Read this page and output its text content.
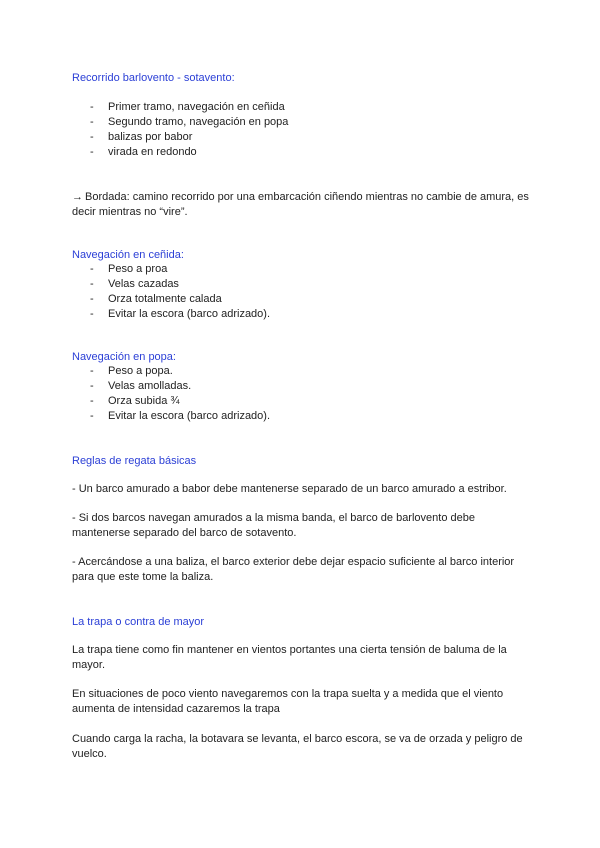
Recorrido barlovento - sotavento:
- Primer tramo, navegación en ceñida
- Segundo tramo, navegación en popa
- balizas por babor
- virada en redondo

→ Bordada: camino recorrido por una embarcación ciñendo mientras no cambie de amura, es decir mientras no “vire”.

Navegación en ceñida:
- Peso a proa
- Velas cazadas
- Orza totalmente calada
- Evitar la escora (barco adrizado).
Navegación en popa:
- Peso a popa.
- Velas amolladas.
- Orza subida ¾
- Evitar la escora (barco adrizado).
Reglas de regata básicas

- Un barco amurado a babor debe mantenerse separado de un barco amurado a estribor.

- Si dos barcos navegan amurados a la misma banda, el barco de barlovento debe mantenerse separado del barco de sotavento.

- Acercándose a una baliza, el barco exterior debe dejar espacio suficiente al barco interior para que este tome la baliza.

La trapa o contra de mayor

La trapa tiene como fin mantener en vientos portantes una cierta tensión de baluma de la mayor.

En situaciones de poco viento navegaremos con la trapa suelta y a medida que el viento aumenta de intensidad cazaremos la trapa

Cuando carga la racha, la botavara se levanta, el barco escora, se va de orzada y peligro de vuelco.
